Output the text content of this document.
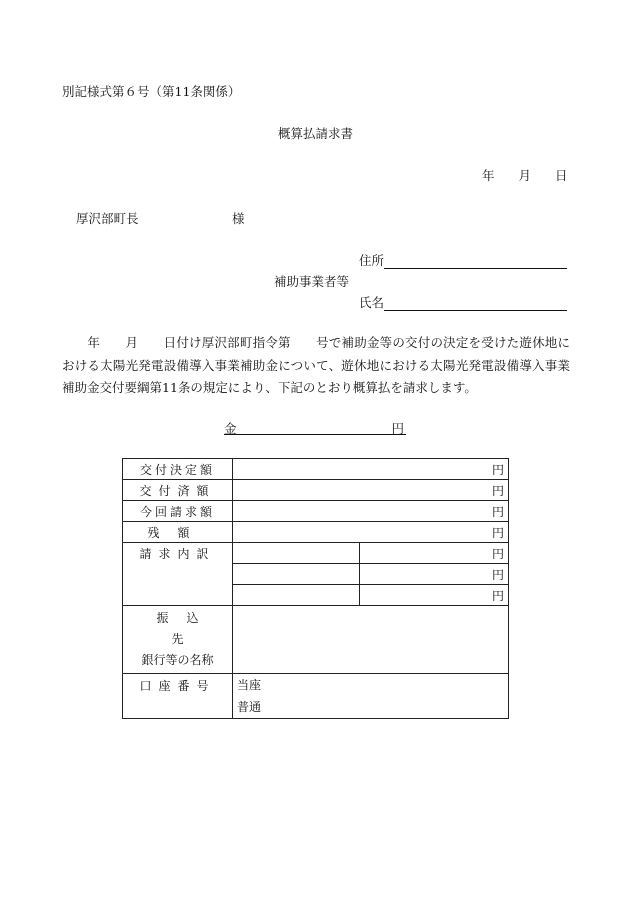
別記様式第６号（第11条関係）
概算払請求書
年 月 日
厚沢部町長	様
住所
補助事業者等
氏名
　　年　　月　　日付け厚沢部町指令第　　号で補助金等の交付の決定を受けた遊休地における太陽光発電設備導入事業補助金について、遊休地における太陽光発電設備導入事業補助金交付要綱第11条の規定により、下記のとおり概算払を請求します。
金	円
交付決定額	円	
交付済額	円	
今回請求額	円	
残額	円	
請求内訳		円
		円
		円

振込先
銀行等の名称		

口座番号	当座
普通	
